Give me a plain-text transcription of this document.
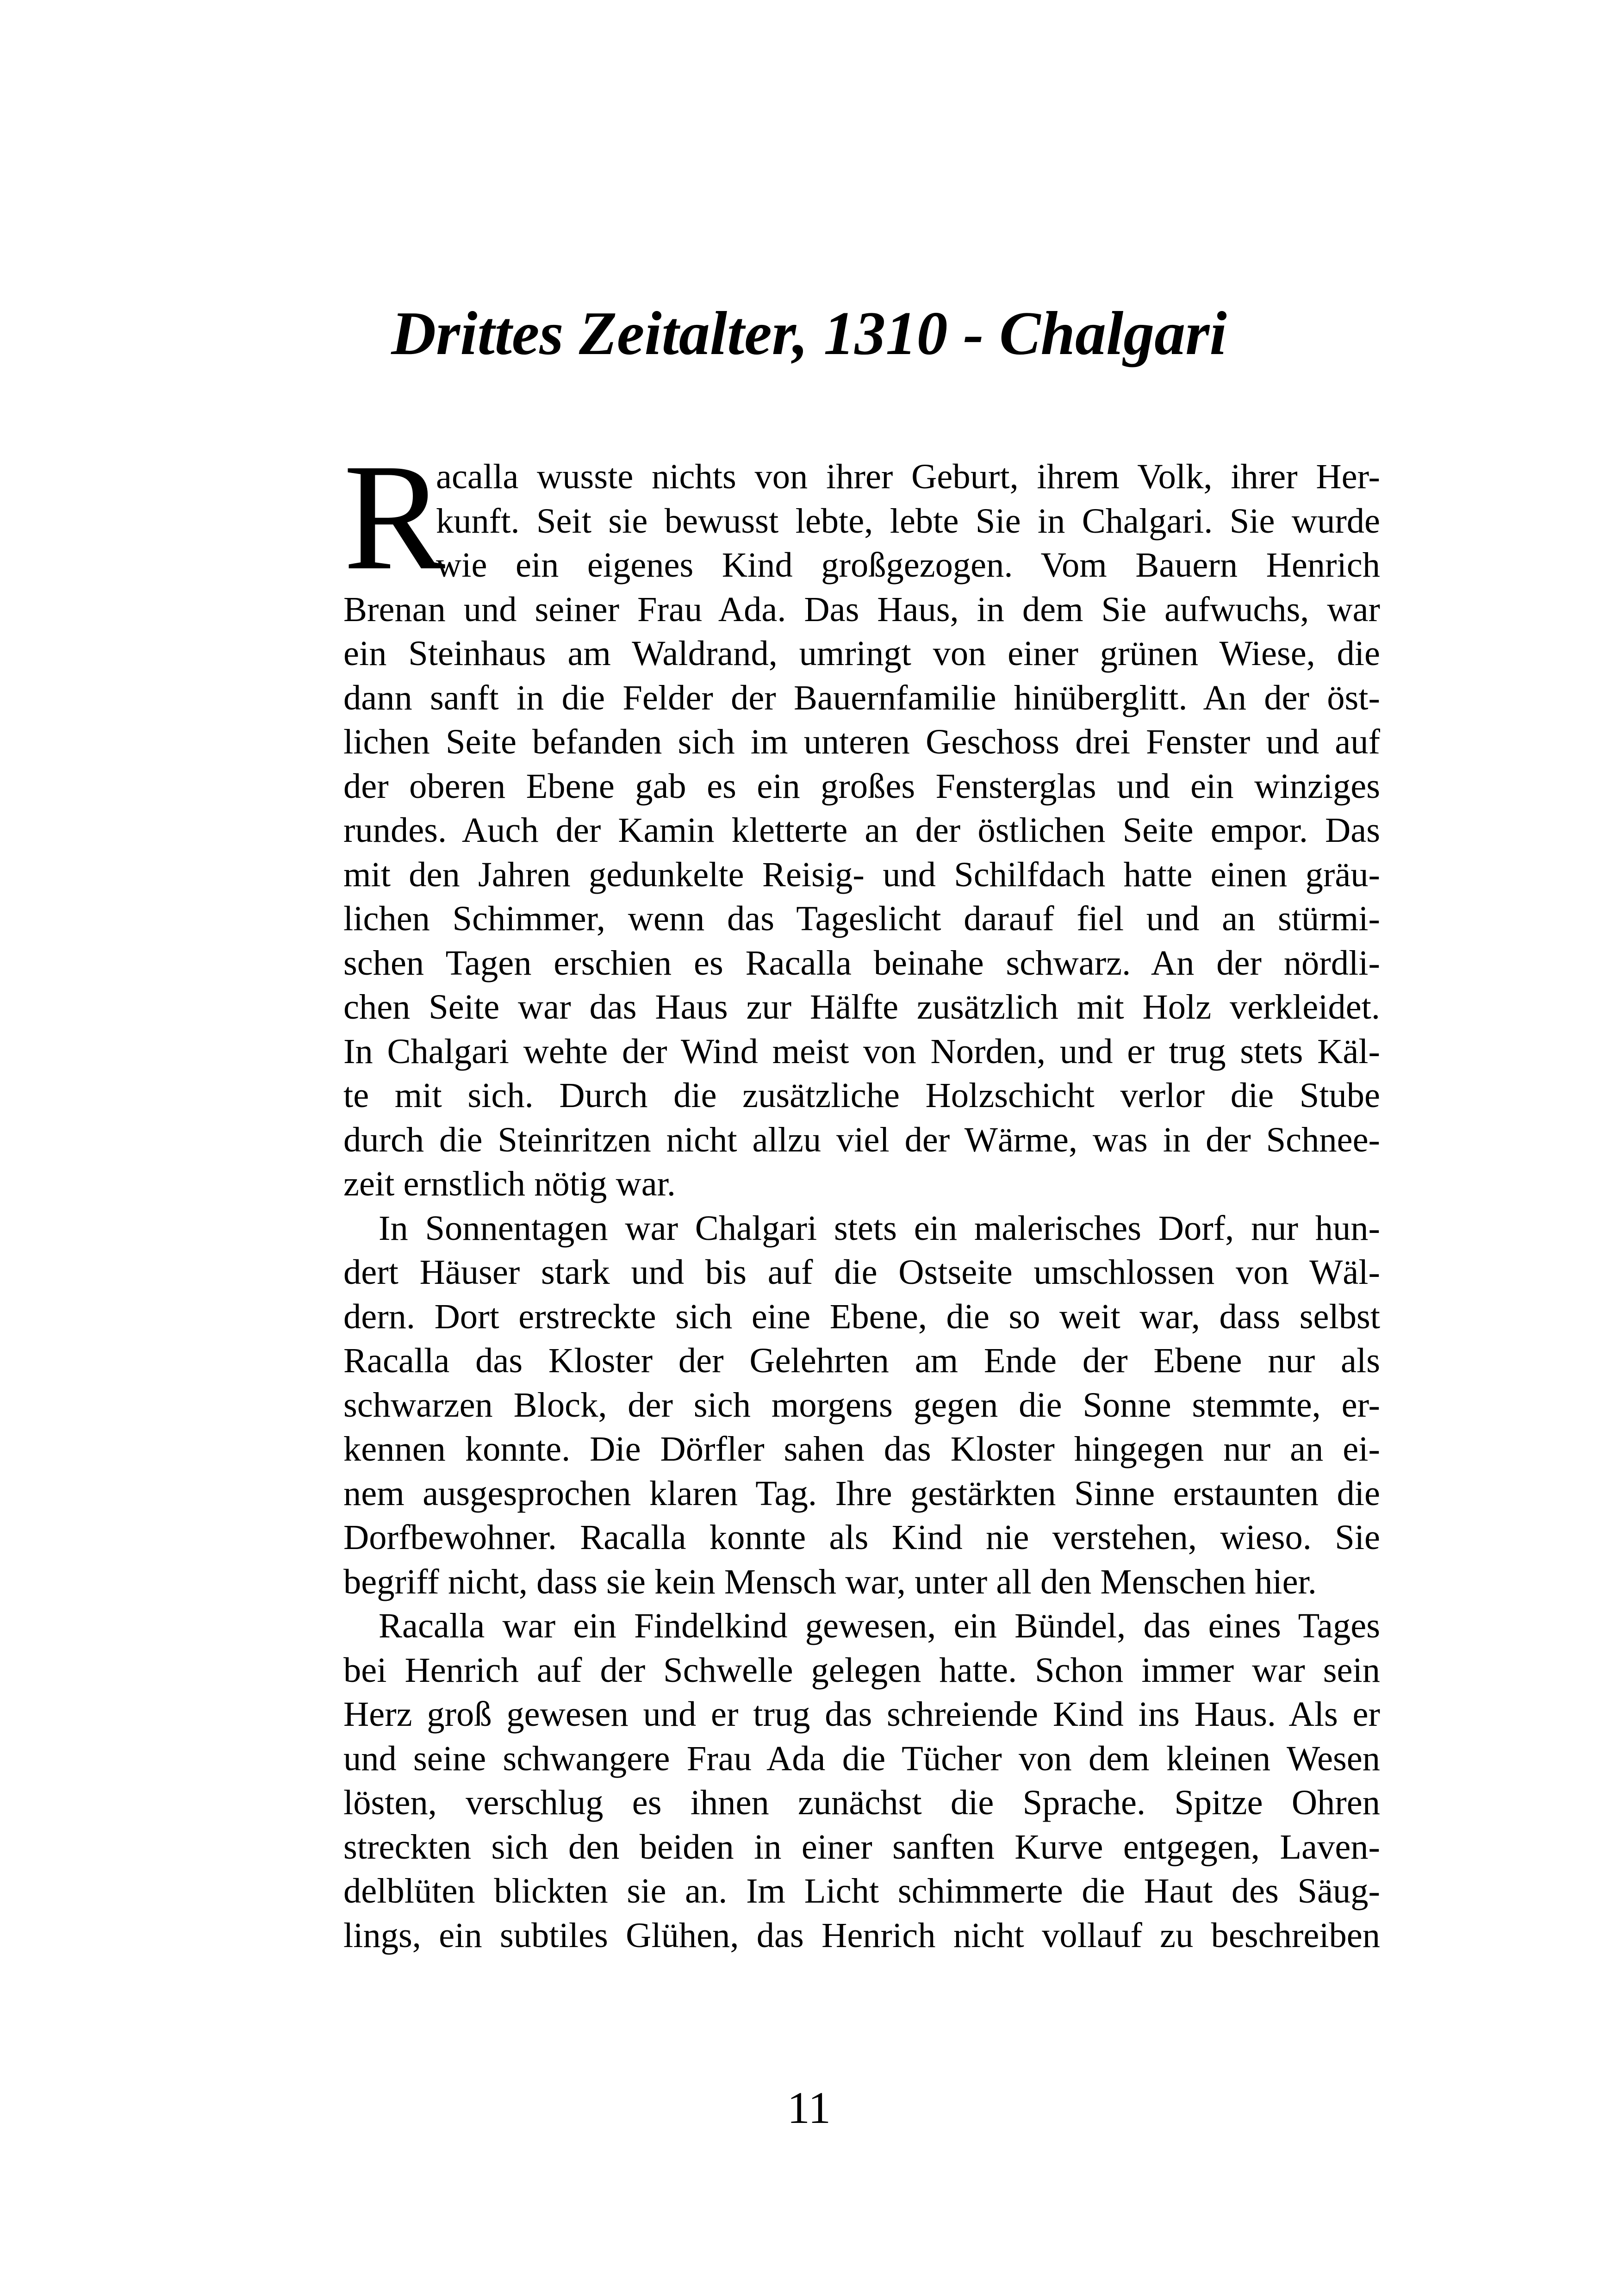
Drittes Zeitalter, 1310 - Chalgari
R
acalla wusste nichts von ihrer Geburt, ihrem Volk, ihrer Her-
kunft. Seit sie bewusst lebte, lebte Sie in Chalgari. Sie wurde
wie ein eigenes Kind großgezogen. Vom Bauern Henrich
Brenan und seiner Frau Ada. Das Haus, in dem Sie aufwuchs, war
ein Steinhaus am Waldrand, umringt von einer grünen Wiese, die
dann sanft in die Felder der Bauernfamilie hinüberglitt. An der öst-
lichen Seite befanden sich im unteren Geschoss drei Fenster und auf
der oberen Ebene gab es ein großes Fensterglas und ein winziges
rundes. Auch der Kamin kletterte an der östlichen Seite empor. Das
mit den Jahren gedunkelte Reisig- und Schilfdach hatte einen gräu-
lichen Schimmer, wenn das Tageslicht darauf fiel und an stürmi-
schen Tagen erschien es Racalla beinahe schwarz. An der nördli-
chen Seite war das Haus zur Hälfte zusätzlich mit Holz verkleidet.
In Chalgari wehte der Wind meist von Norden, und er trug stets Käl-
te mit sich. Durch die zusätzliche Holzschicht verlor die Stube
durch die Steinritzen nicht allzu viel der Wärme, was in der Schnee-
zeit ernstlich nötig war.
In Sonnentagen war Chalgari stets ein malerisches Dorf, nur hun-
dert Häuser stark und bis auf die Ostseite umschlossen von Wäl-
dern. Dort erstreckte sich eine Ebene, die so weit war, dass selbst
Racalla das Kloster der Gelehrten am Ende der Ebene nur als
schwarzen Block, der sich morgens gegen die Sonne stemmte, er-
kennen konnte. Die Dörfler sahen das Kloster hingegen nur an ei-
nem ausgesprochen klaren Tag. Ihre gestärkten Sinne erstaunten die
Dorfbewohner. Racalla konnte als Kind nie verstehen, wieso. Sie
begriff nicht, dass sie kein Mensch war, unter all den Menschen hier.
Racalla war ein Findelkind gewesen, ein Bündel, das eines Tages
bei Henrich auf der Schwelle gelegen hatte. Schon immer war sein
Herz groß gewesen und er trug das schreiende Kind ins Haus. Als er
und seine schwangere Frau Ada die Tücher von dem kleinen Wesen
lösten, verschlug es ihnen zunächst die Sprache. Spitze Ohren
streckten sich den beiden in einer sanften Kurve entgegen, Laven-
delblüten blickten sie an. Im Licht schimmerte die Haut des Säug-
lings, ein subtiles Glühen, das Henrich nicht vollauf zu beschreiben
11
